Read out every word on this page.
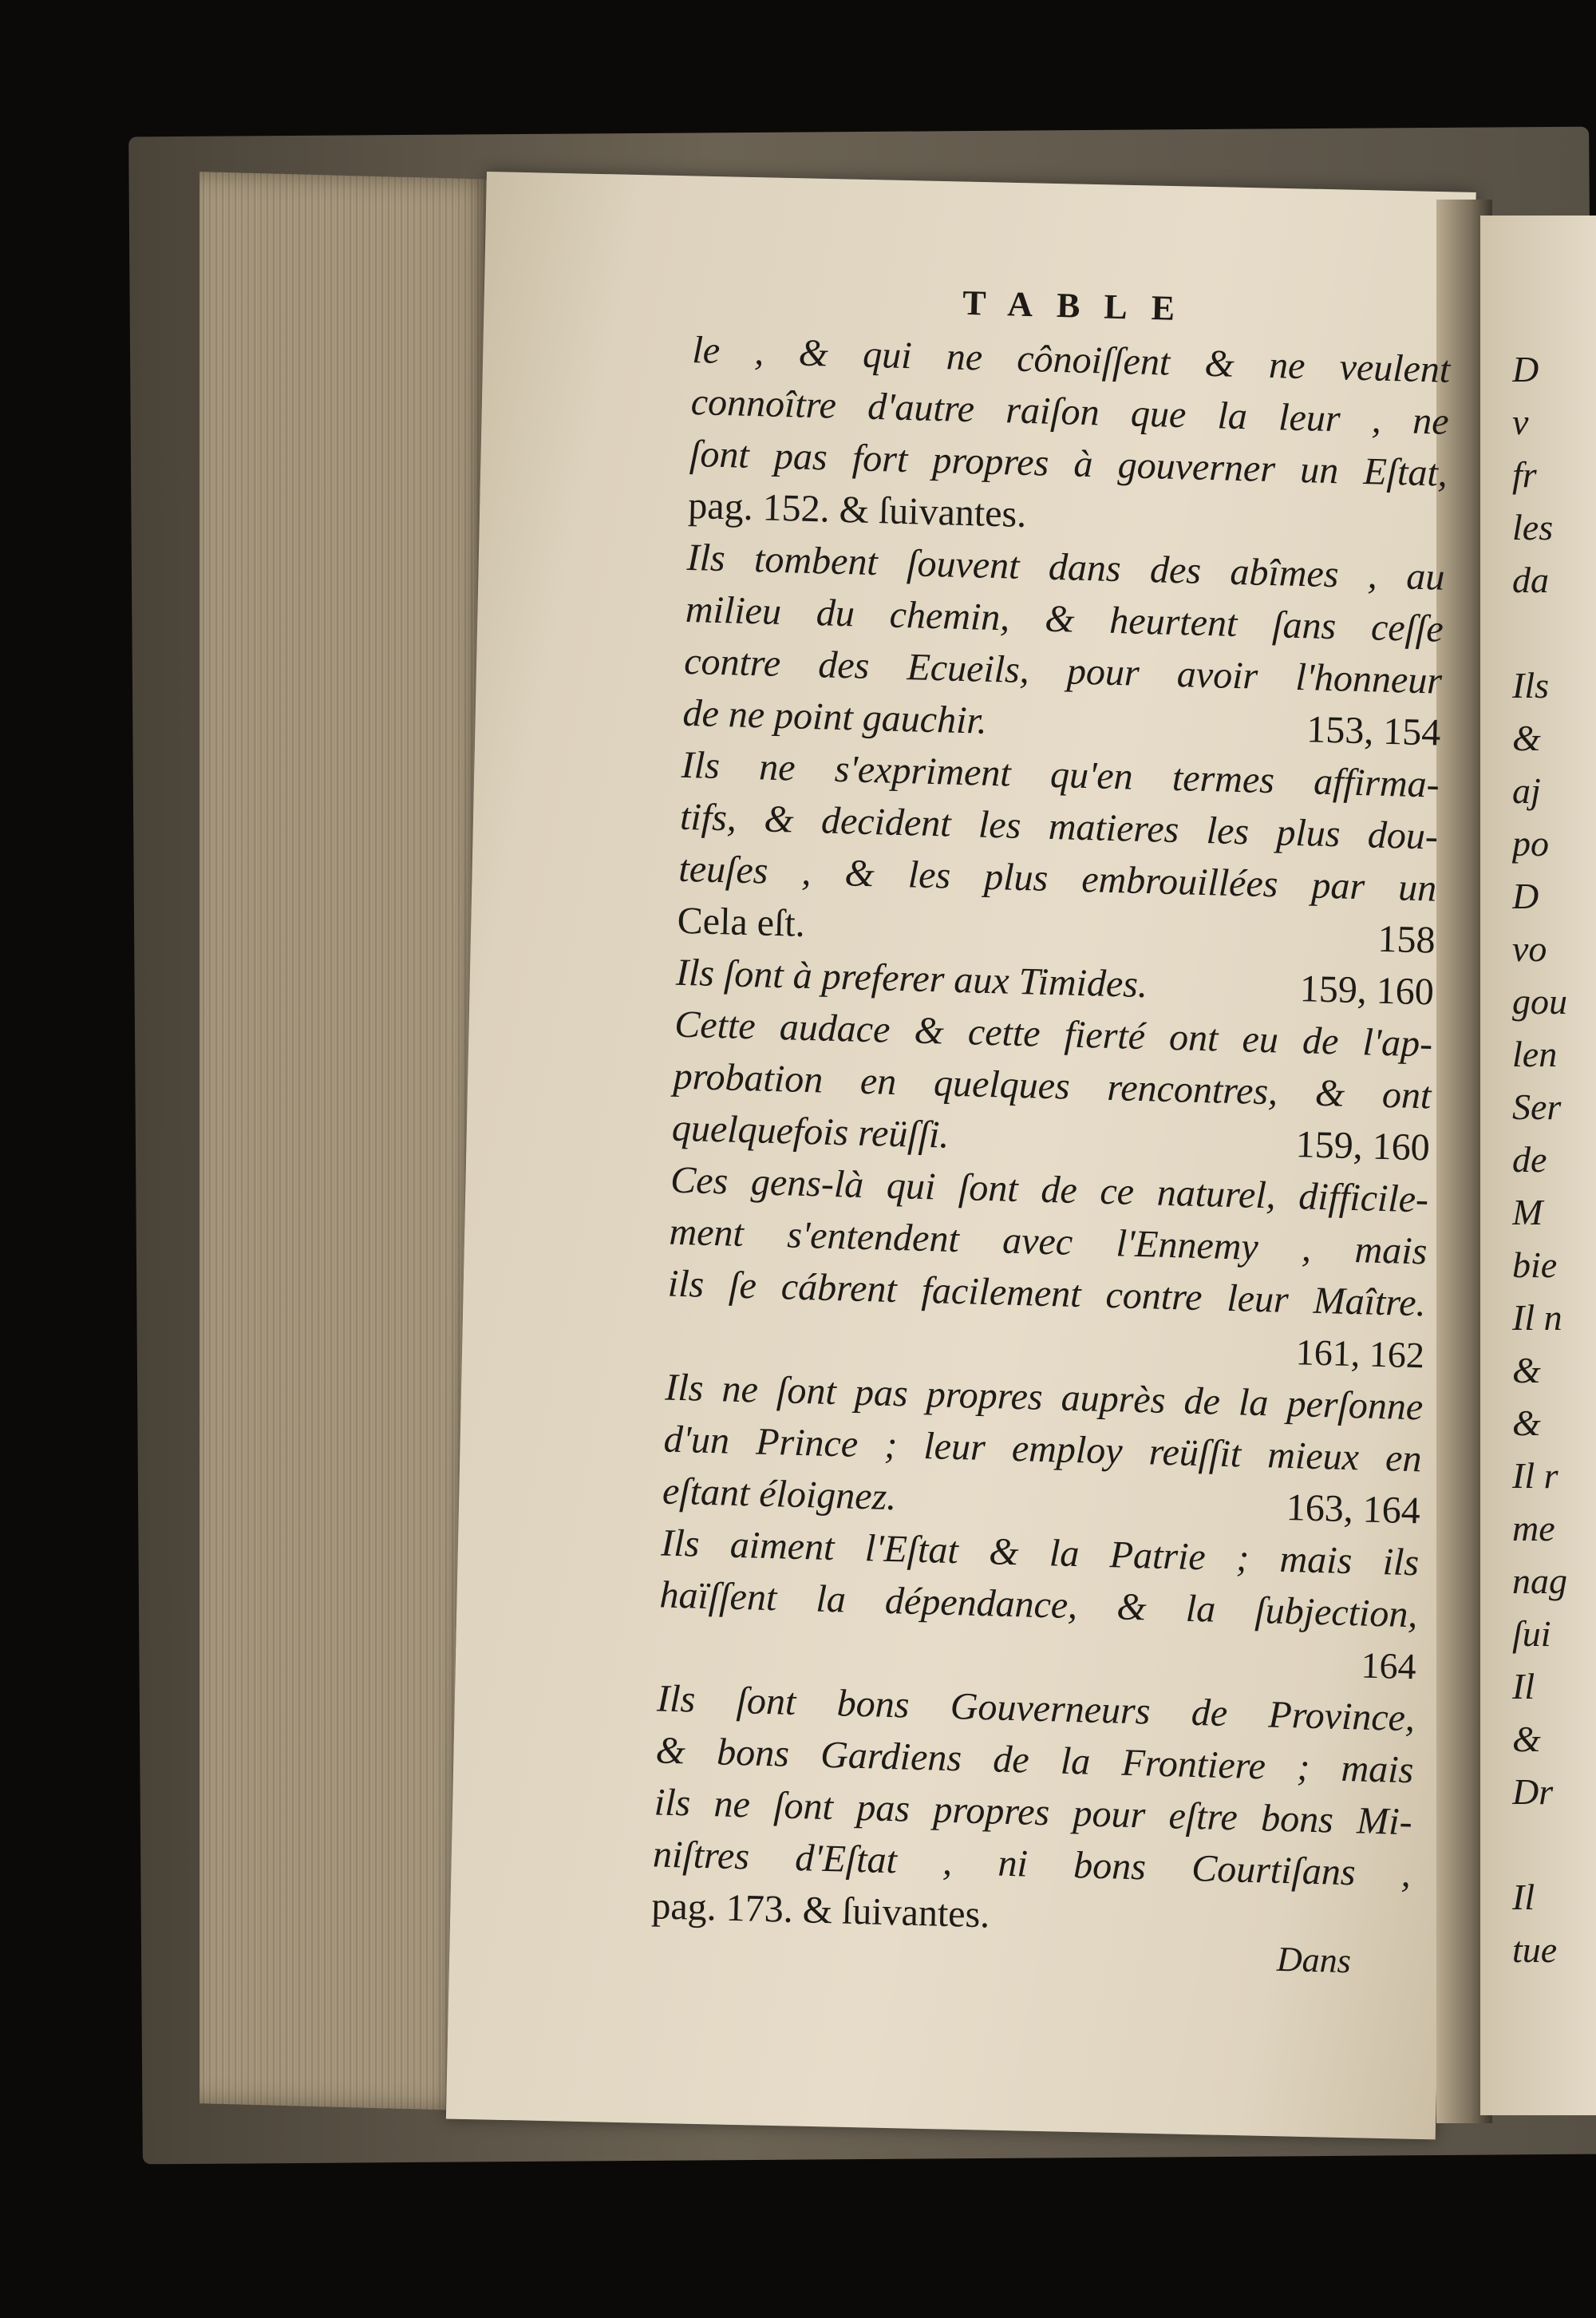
TABLE
le , & qui ne cônoiſſent & ne veulent
connoître d'autre raiſon que la leur , ne
ſont pas fort propres à gouverner un Eſtat,
pag. 152. & ſuivantes.
Ils tombent ſouvent dans des abîmes , au
milieu du chemin, & heurtent ſans ceſſe
contre des Ecueils, pour avoir l'honneur
de ne point gauchir.	153, 154
Ils ne s'expriment qu'en termes affirma-
tifs, & decident les matieres les plus dou-
teuſes , & les plus embrouillées par un
Cela eſt.	158
Ils ſont à preferer aux Timides.	159, 160
Cette audace & cette fierté ont eu de l'ap-
probation en quelques rencontres, & ont
quelquefois reüſſi.	159, 160
Ces gens-là qui ſont de ce naturel, difficile-
ment s'entendent avec l'Ennemy , mais
ils ſe cábrent facilement contre leur Maître.
161, 162
Ils ne ſont pas propres auprès de la perſonne
d'un Prince ; leur employ reüſſit mieux en
eſtant éloignez.	163, 164
Ils aiment l'Eſtat & la Patrie ; mais ils
haïſſent la dépendance, & la ſubjection,
164
Ils ſont bons Gouverneurs de Province,
& bons Gardiens de la Frontiere ; mais
ils ne ſont pas propres pour eſtre bons Mi-
niſtres d'Eſtat , ni bons Courtiſans ,
pag. 173. & ſuivantes.
Dans
D
v
fr
les
da
Ils
&
aj
po
D
vo
gou
len
Ser
de
M
bie
Il n
&
&
Il r
me
nag
ſui
Il
&
Dr
Il
tue
